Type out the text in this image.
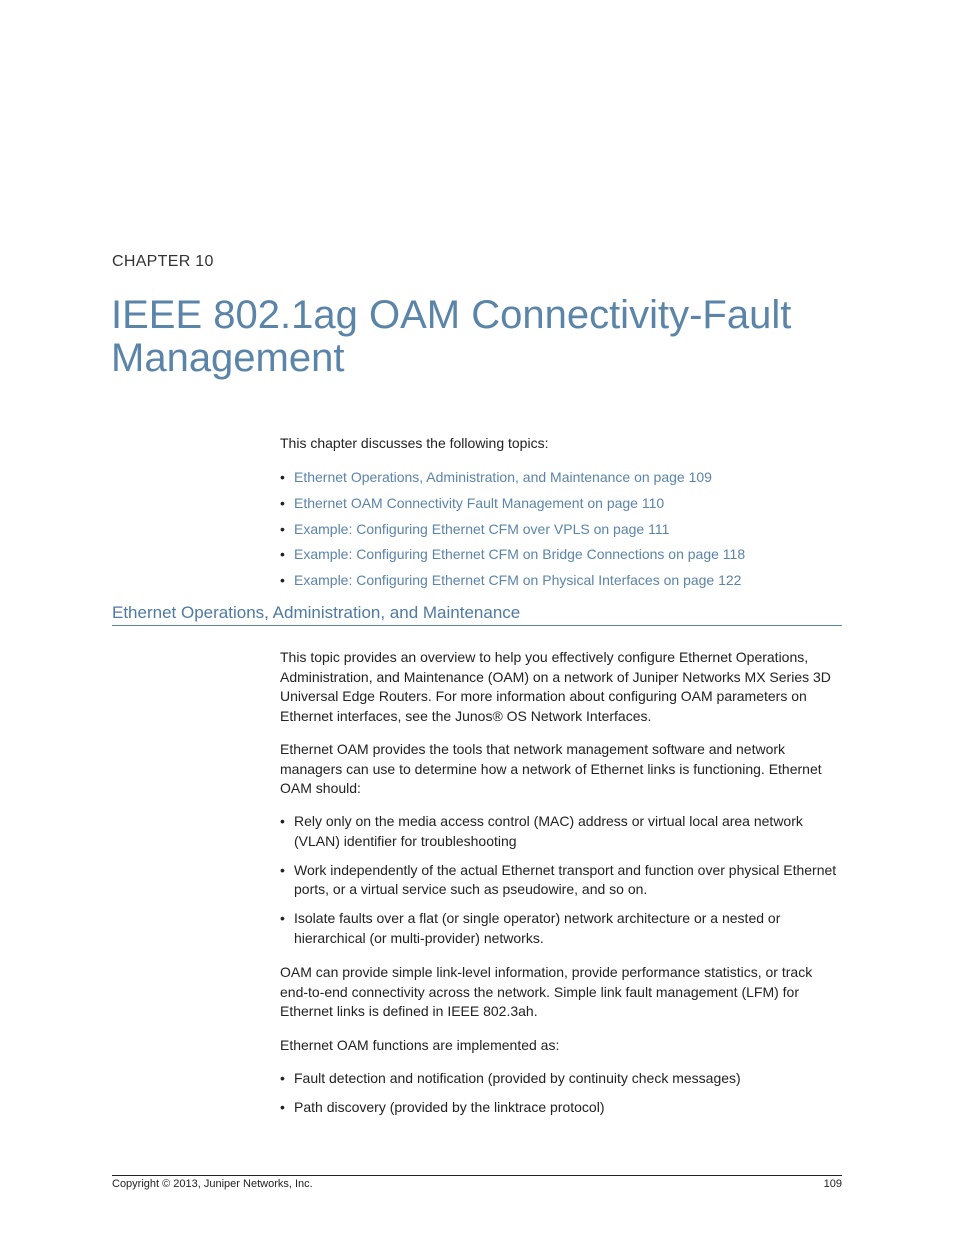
CHAPTER 10
IEEE 802.1ag OAM Connectivity-Fault
Management
This chapter discusses the following topics:
• Ethernet Operations, Administration, and Maintenance on page 109
• Ethernet OAM Connectivity Fault Management on page 110
• Example: Configuring Ethernet CFM over VPLS on page 111
• Example: Configuring Ethernet CFM on Bridge Connections on page 118
• Example: Configuring Ethernet CFM on Physical Interfaces on page 122
Ethernet Operations, Administration, and Maintenance

This topic provides an overview to help you effectively configure Ethernet Operations, Administration, and Maintenance (OAM) on a network of Juniper Networks MX Series 3D Universal Edge Routers. For more information about configuring OAM parameters on Ethernet interfaces, see the Junos® OS Network Interfaces.

Ethernet OAM provides the tools that network management software and network managers can use to determine how a network of Ethernet links is functioning. Ethernet OAM should:

• Rely only on the media access control (MAC) address or virtual local area network (VLAN) identifier for troubleshooting
• Work independently of the actual Ethernet transport and function over physical Ethernet ports, or a virtual service such as pseudowire, and so on.
• Isolate faults over a flat (or single operator) network architecture or a nested or hierarchical (or multi-provider) networks.

OAM can provide simple link-level information, provide performance statistics, or track end-to-end connectivity across the network. Simple link fault management (LFM) for Ethernet links is defined in IEEE 802.3ah.

Ethernet OAM functions are implemented as:

• Fault detection and notification (provided by continuity check messages)
• Path discovery (provided by the linktrace protocol)
Copyright © 2013, Juniper Networks, Inc.	109
